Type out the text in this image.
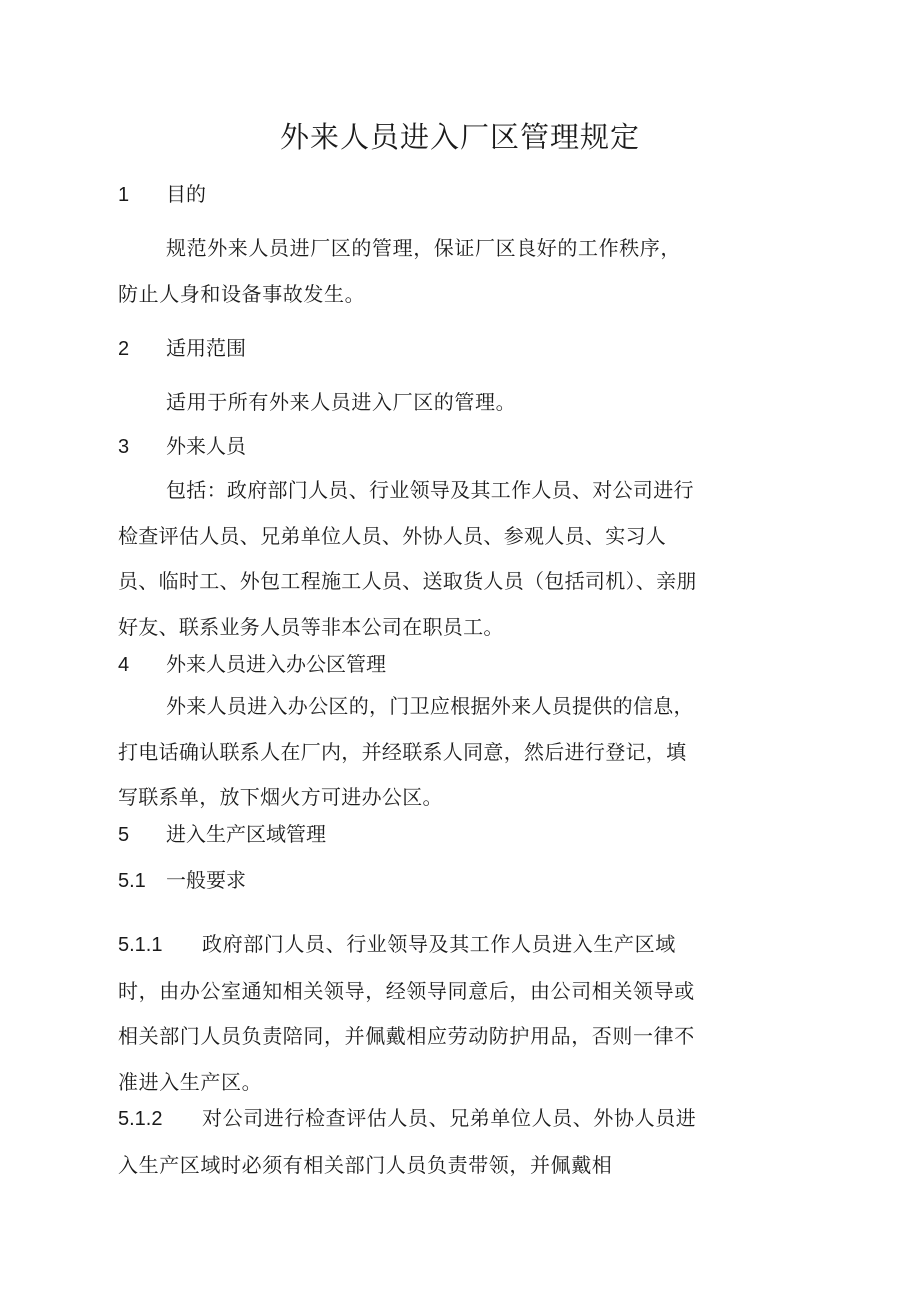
外来人员进入厂区管理规定
1 目的

规范外来人员进厂区的管理，保证厂区良好的工作秩序，防止人身和设备事故发生。

2 适用范围

适用于所有外来人员进入厂区的管理。

3 外来人员

包括：政府部门人员、行业领导及其工作人员、对公司进行检查评估人员、兄弟单位人员、外协人员、参观人员、实习人员、临时工、外包工程施工人员、送取货人员（包括司机）、亲朋好友、联系业务人员等非本公司在职员工。

4 外来人员进入办公区管理

外来人员进入办公区的，门卫应根据外来人员提供的信息，打电话确认联系人在厂内，并经联系人同意，然后进行登记，填写联系单，放下烟火方可进办公区。

5 进入生产区域管理
5.1 一般要求

5.1.1 政府部门人员、行业领导及其工作人员进入生产区域时，由办公室通知相关领导，经领导同意后，由公司相关领导或相关部门人员负责陪同，并佩戴相应劳动防护用品，否则一律不准进入生产区。

5.1.2 对公司进行检查评估人员、兄弟单位人员、外协人员进入生产区域时必须有相关部门人员负责带领，并佩戴相
